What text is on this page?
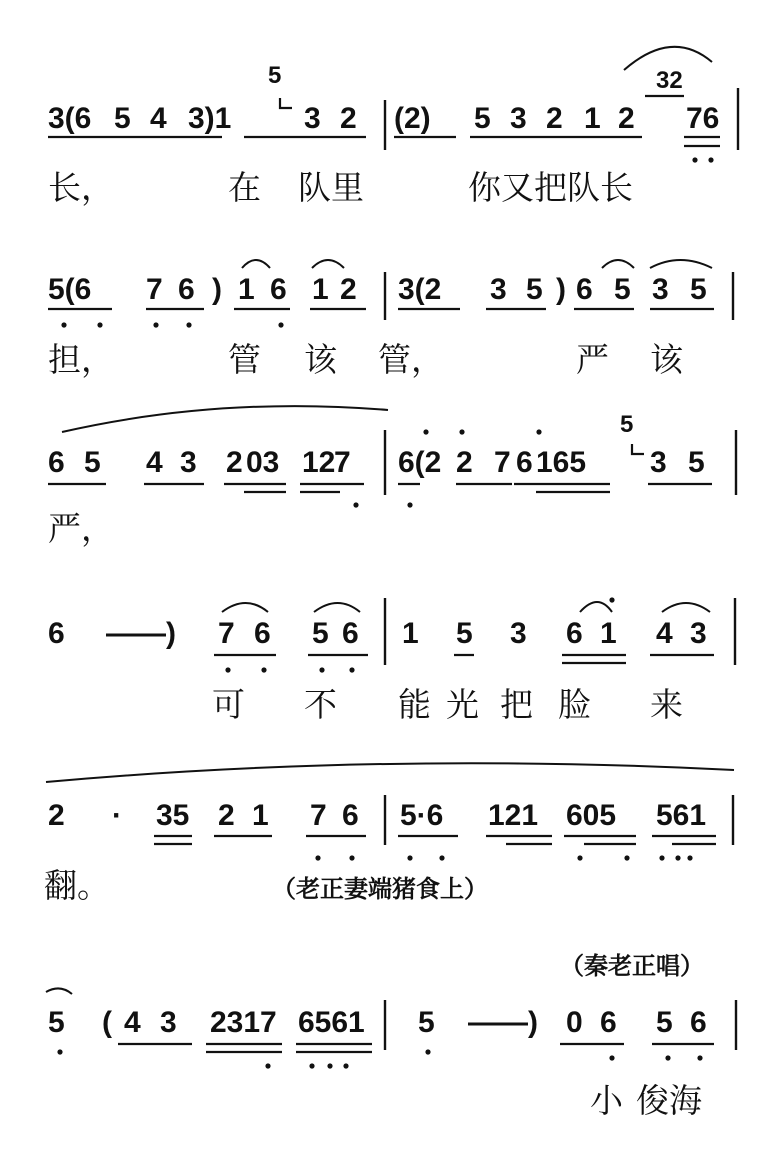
5	32
3(6 5 4 3)1 3 2 (2) 5 3 2 1 2 76
长，	在 队里	你又把队长
5(6 7 6 ) 1 6 1 2 3(2 3 5 ) 6 5 3 5
担，	管 该 管，	严 该
5
6 5 4 3 2 03 12
7 6(2 2 7 6 165 3 5
严，
6 ——) 7 6 5 6 1 5 3 6 1 4 3
可 不 能 光 把 脸 来
2 · 35 2 1 7 6 5·6 121 605 561
翻。	（老正妻端猪食上）
（秦老正唱）
5 ( 4 3 2317 6561 5 ——) 0 6 5 6
小 俊海
